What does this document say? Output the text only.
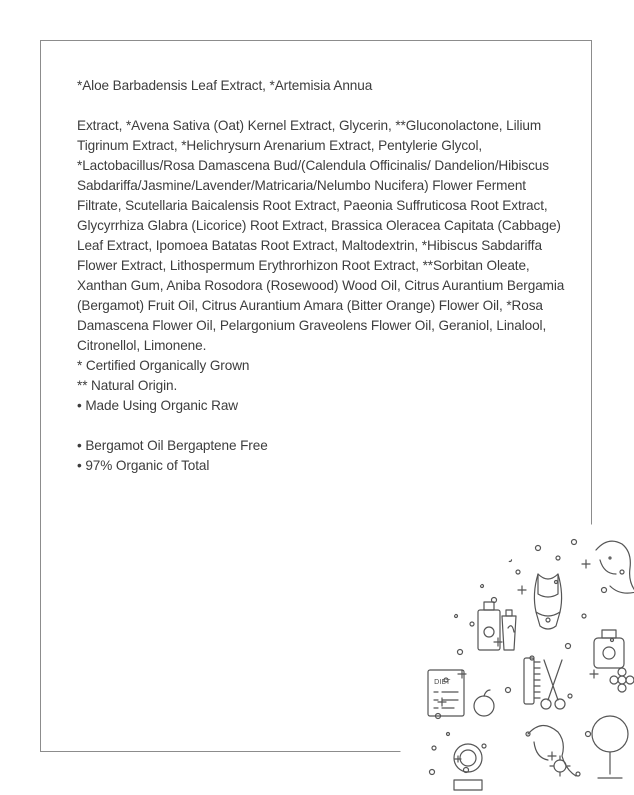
*Aloe Barbadensis Leaf Extract, *Artemisia Annua

Extract, *Avena Sativa (Oat) Kernel Extract, Glycerin, **Gluconolactone, Lilium Tigrinum Extract, *Helichrysurn Arenarium Extract, Pentylerie Glycol, *Lactobacillus/Rosa Damascena Bud/(Calendula Officinalis/ Dandelion/Hibiscus Sabdariffa/Jasmine/Lavender/Matricaria/Nelumbo Nucifera) Flower Ferment Filtrate, Scutellaria Baicalensis Root Extract, Paeonia Suffruticosa Root Extract, Glycyrrhiza Glabra (Licorice) Root Extract, Brassica Oleracea Capitata (Cabbage) Leaf Extract, Ipomoea Batatas Root Extract, Maltodextrin, *Hibiscus Sabdariffa Flower Extract, Lithospermum Erythrorhizon Root Extract, **Sorbitan Oleate, Xanthan Gum, Aniba Rosodora (Rosewood) Wood Oil, Citrus Aurantium Bergamia (Bergamot) Fruit Oil, Citrus Aurantium Amara (Bitter Orange) Flower Oil, *Rosa Damascena Flower Oil, Pelargonium Graveolens Flower Oil, Geraniol, Linalool, Citronellol, Limonene.

* Certified Organically Grown

** Natural Origin.

• Made Using Organic Raw

• Bergamot Oil Bergaptene Free

• 97% Organic of Total

DIET
